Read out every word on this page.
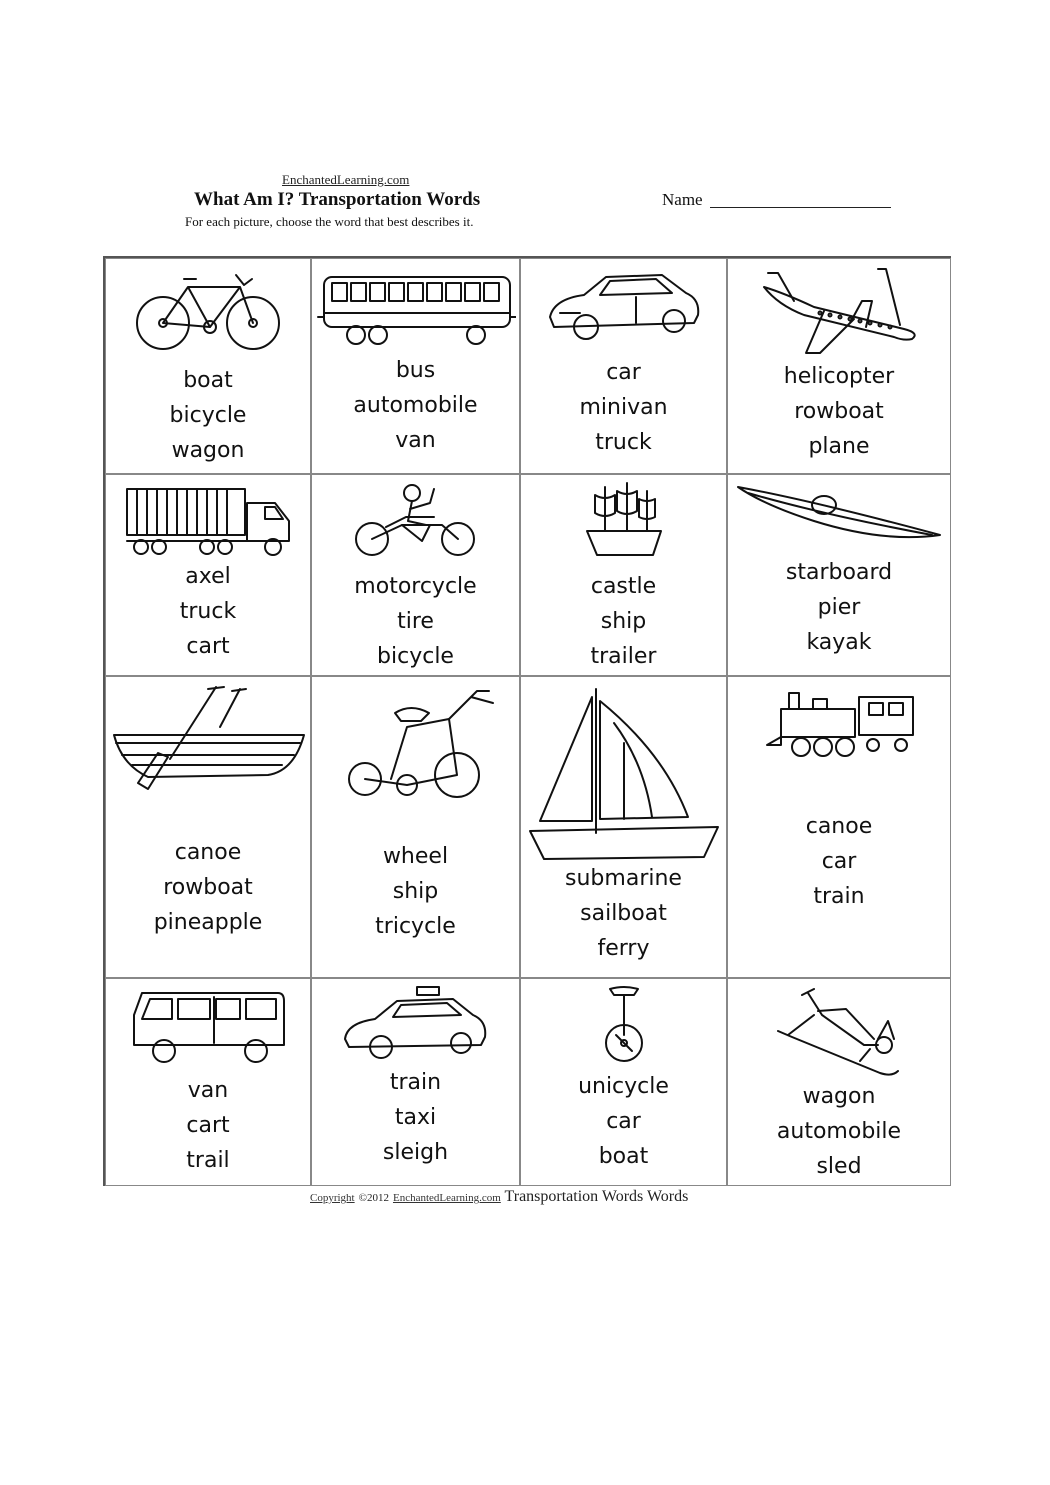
EnchantedLearning.com
What Am I? Transportation Words
For each picture, choose the word that best describes it.
Name
boat
bicycle
wagon
bus
automobile
van
car
minivan
truck
helicopter
rowboat
plane
axel
truck
cart
motorcycle
tire
bicycle
castle
ship
trailer
starboard
pier
kayak
canoe
rowboat
pineapple
wheel
ship
tricycle
submarine
sailboat
ferry
canoe
car
train
van
cart
trail
train
taxi
sleigh
unicycle
car
boat
wagon
automobile
sled
Copyright ©2012 EnchantedLearning.com Transportation Words Words
